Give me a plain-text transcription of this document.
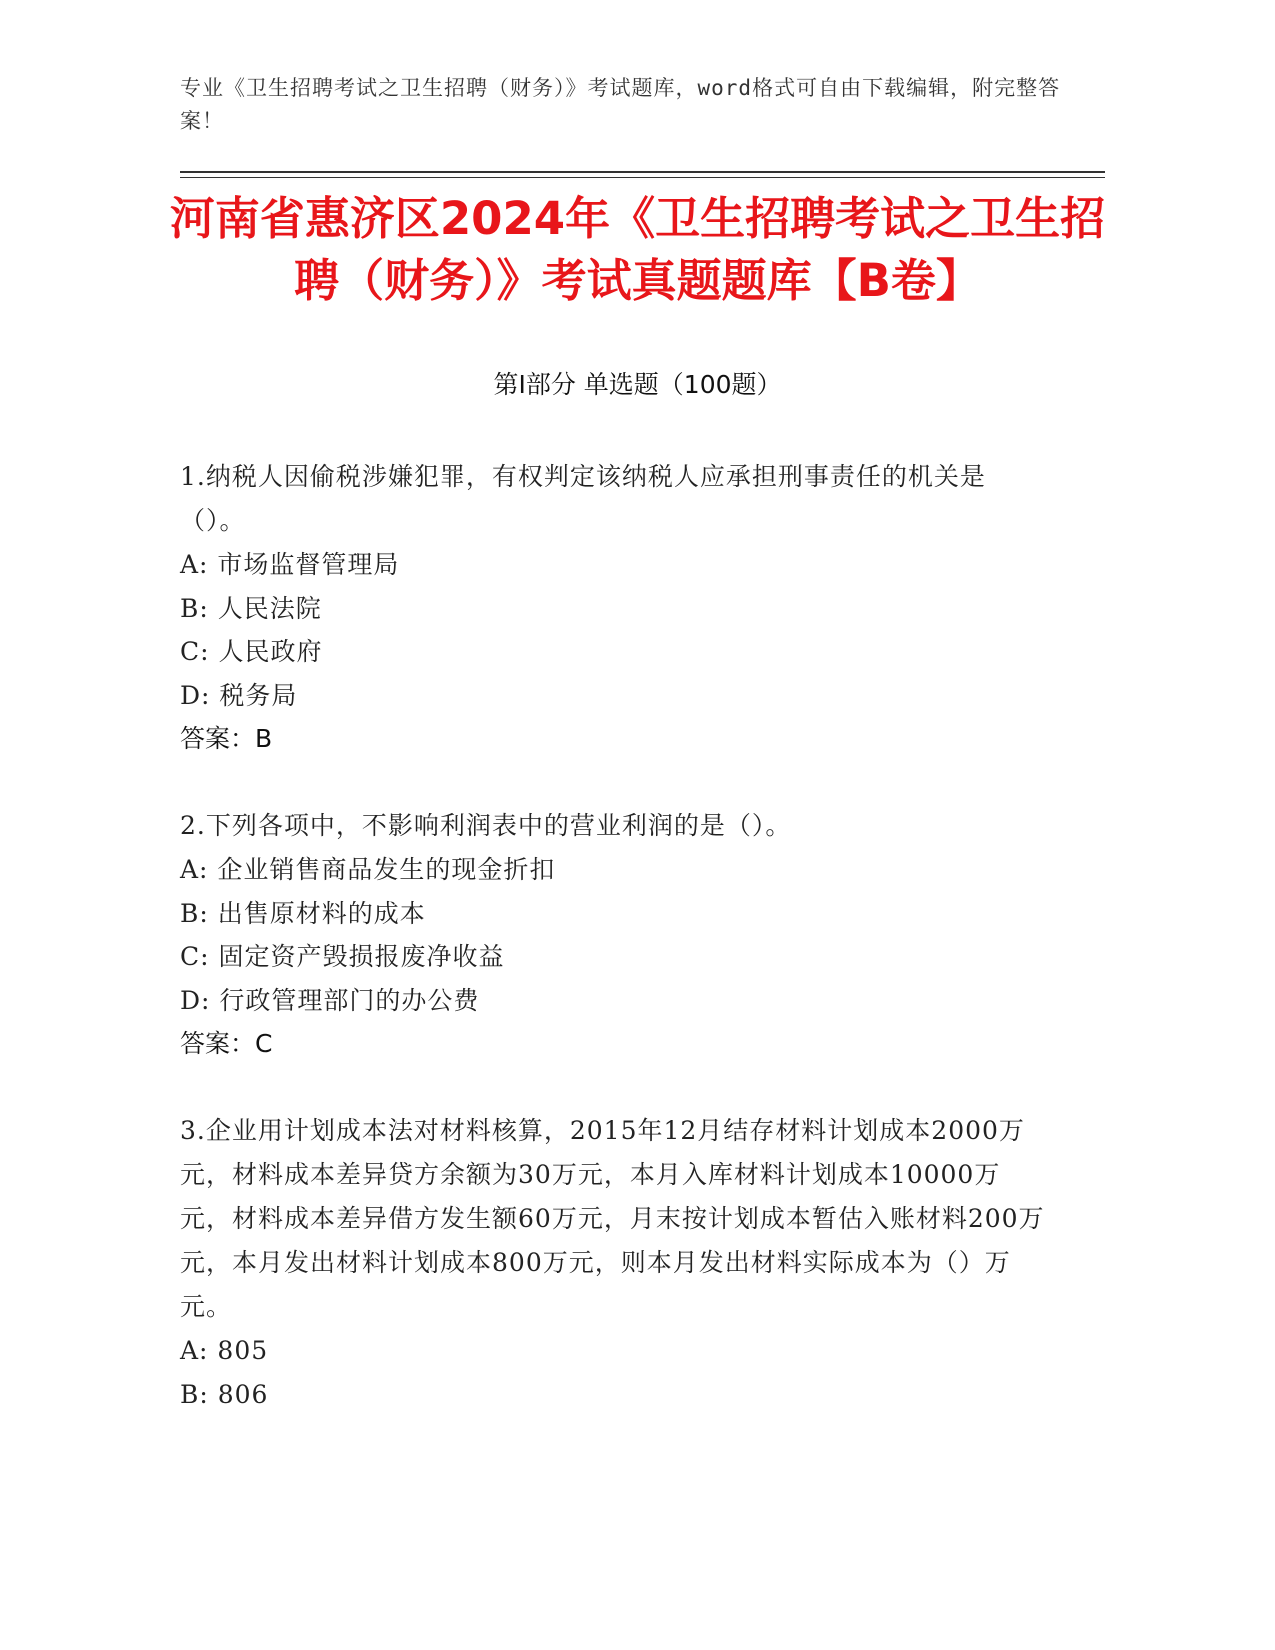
专业《卫生招聘考试之卫生招聘（财务）》考试题库，word格式可自由下载编辑，附完整答案！
河南省惠济区2024年《卫生招聘考试之卫生招聘（财务）》考试真题题库【B卷】
第I部分 单选题（100题）
1.纳税人因偷税涉嫌犯罪，有权判定该纳税人应承担刑事责任的机关是（）。
A: 市场监督管理局
B: 人民法院
C: 人民政府
D: 税务局
答案：B
2.下列各项中，不影响利润表中的营业利润的是（）。
A: 企业销售商品发生的现金折扣
B: 出售原材料的成本
C: 固定资产毁损报废净收益
D: 行政管理部门的办公费
答案：C
3.企业用计划成本法对材料核算，2015年12月结存材料计划成本2000万元，材料成本差异贷方余额为30万元，本月入库材料计划成本10000万元，材料成本差异借方发生额60万元，月末按计划成本暂估入账材料200万元，本月发出材料计划成本800万元，则本月发出材料实际成本为（）万元。
A: 805
B: 806
